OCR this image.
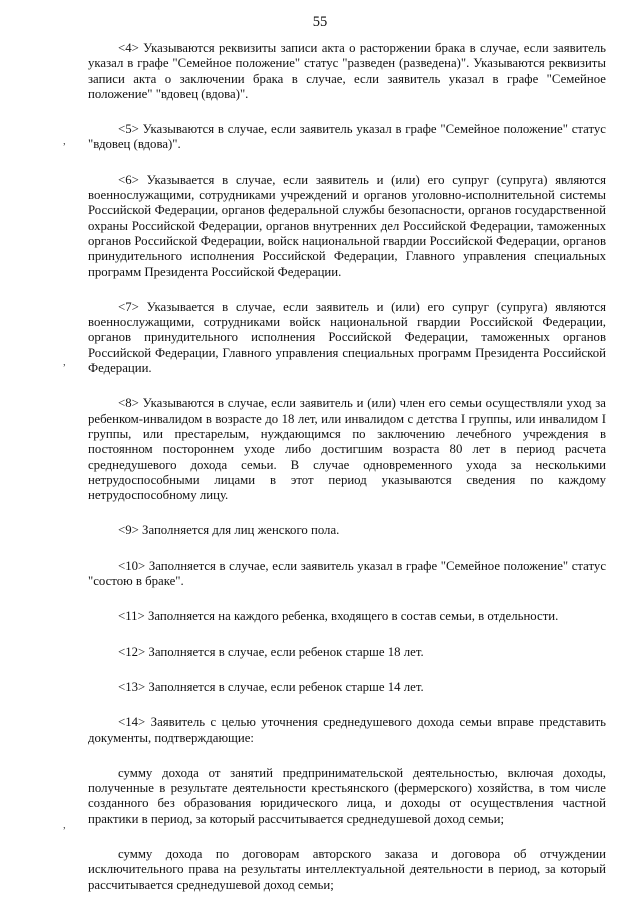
55
,
,
,

<4> Указываются реквизиты записи акта о расторжении брака в случае, если заявитель указал в графе "Семейное положение" статус "разведен (разведена)". Указываются реквизиты записи акта о заключении брака в случае, если заявитель указал в графе "Семейное положение" "вдовец (вдова)".

<5> Указываются в случае, если заявитель указал в графе "Семейное положение" статус "вдовец (вдова)".

<6> Указывается в случае, если заявитель и (или) его супруг (супруга) являются военнослужащими, сотрудниками учреждений и органов уголовно-исполнительной системы Российской Федерации, органов федеральной службы безопасности, органов государственной охраны Российской Федерации, органов внутренних дел Российской Федерации, таможенных органов Российской Федерации, войск национальной гвардии Российской Федерации, органов принудительного исполнения Российской Федерации, Главного управления специальных программ Президента Российской Федерации.

<7> Указывается в случае, если заявитель и (или) его супруг (супруга) являются военнослужащими, сотрудниками войск национальной гвардии Российской Федерации, органов принудительного исполнения Российской Федерации, таможенных органов Российской Федерации, Главного управления специальных программ Президента Российской Федерации.

<8> Указываются в случае, если заявитель и (или) член его семьи осуществляли уход за ребенком-инвалидом в возрасте до 18 лет, или инвалидом с детства I группы, или инвалидом I группы, или престарелым, нуждающимся по заключению лечебного учреждения в постоянном постороннем уходе либо достигшим возраста 80 лет в период расчета среднедушевого дохода семьи. В случае одновременного ухода за несколькими нетрудоспособными лицами в этот период указываются сведения по каждому нетрудоспособному лицу.

<9> Заполняется для лиц женского пола.

<10> Заполняется в случае, если заявитель указал в графе "Семейное положение" статус "состою в браке".

<11> Заполняется на каждого ребенка, входящего в состав семьи, в отдельности.

<12> Заполняется в случае, если ребенок старше 18 лет.

<13> Заполняется в случае, если ребенок старше 14 лет.

<14> Заявитель с целью уточнения среднедушевого дохода семьи вправе представить документы, подтверждающие:

сумму дохода от занятий предпринимательской деятельностью, включая доходы, полученные в результате деятельности крестьянского (фермерского) хозяйства, в том числе созданного без образования юридического лица, и доходы от осуществления частной практики в период, за который рассчитывается среднедушевой доход семьи;

сумму дохода по договорам авторского заказа и договора об отчуждении исключительного права на результаты интеллектуальной деятельности в период, за который рассчитывается среднедушевой доход семьи;
